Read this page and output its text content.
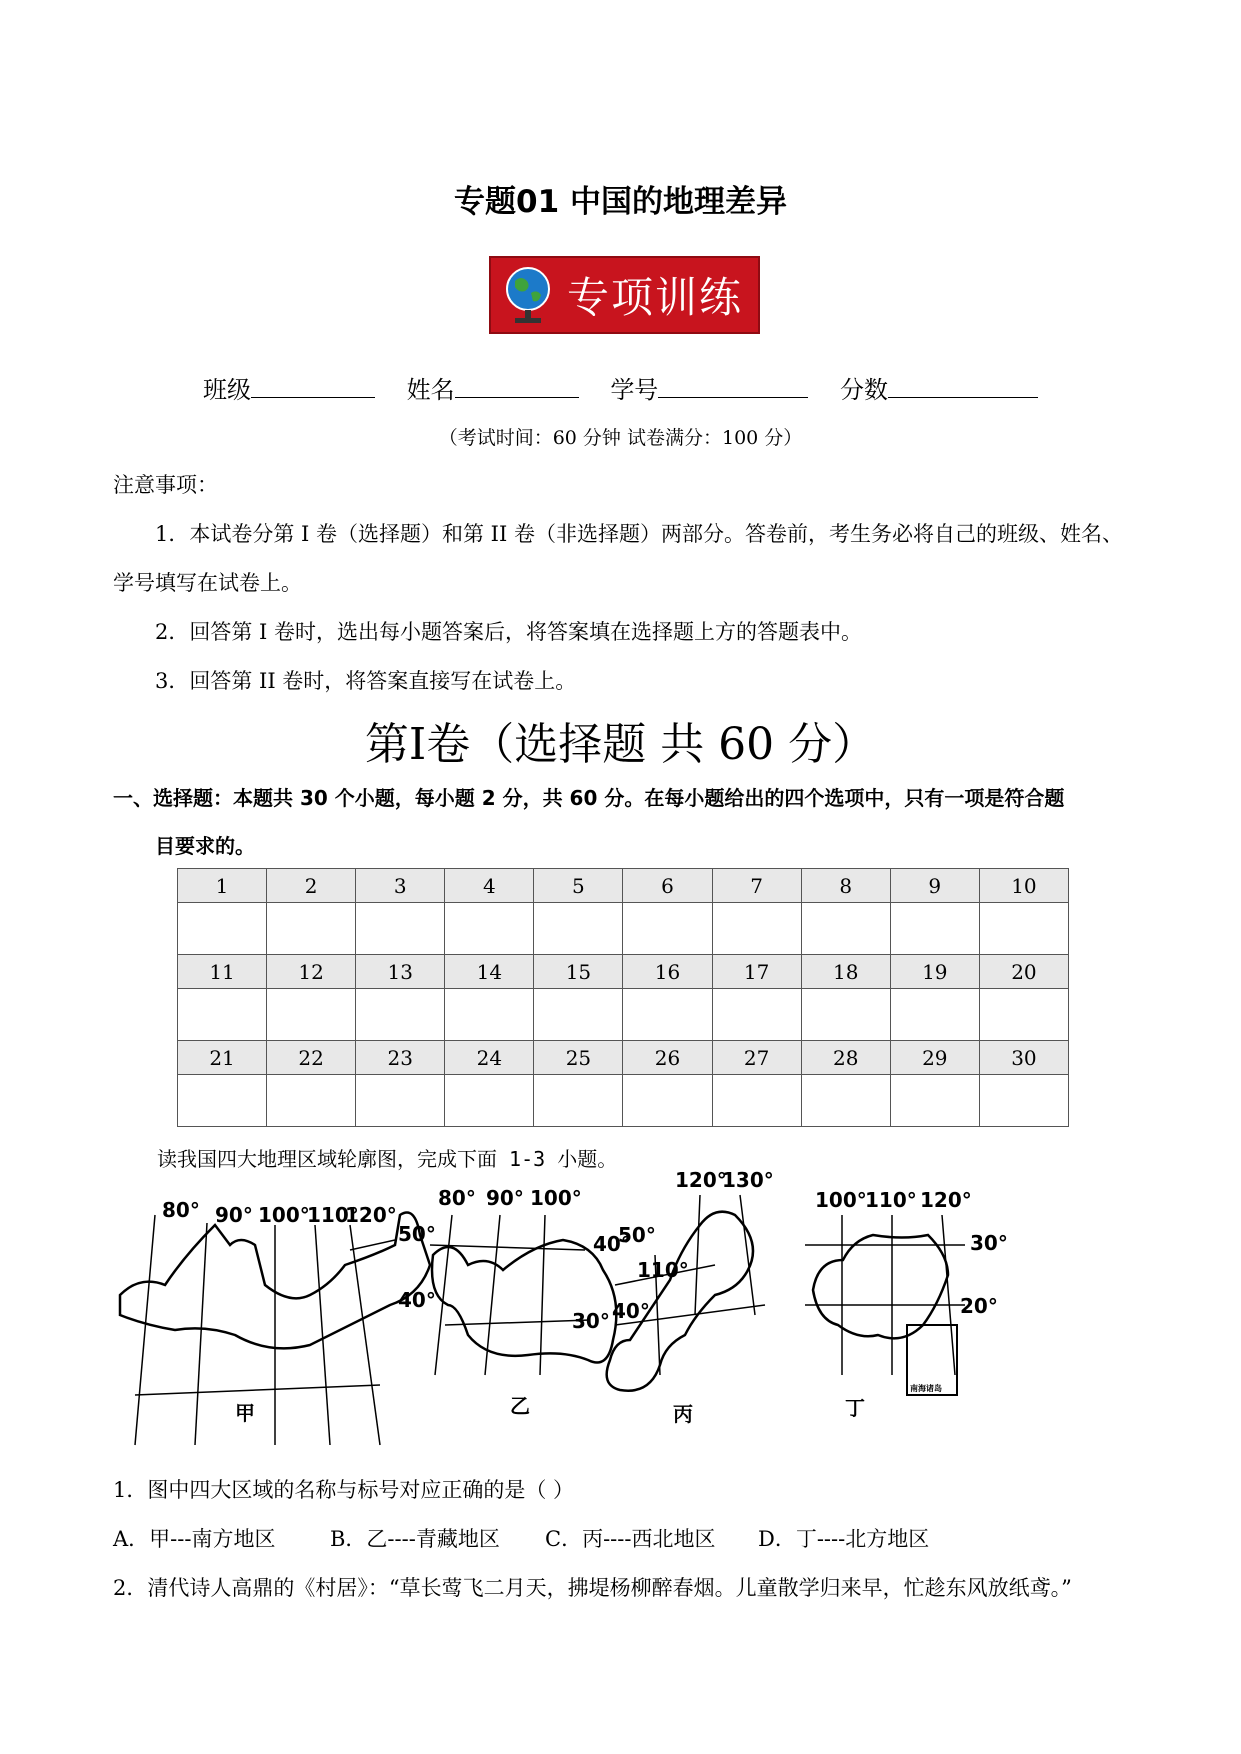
专题01 中国的地理差异
专项训练
班级	姓名	学号	分数
（考试时间：60 分钟 试卷满分：100 分）
注意事项：
1．本试卷分第 I 卷（选择题）和第 II 卷（非选择题）两部分。答卷前，考生务必将自己的班级、姓名、
学号填写在试卷上。
2．回答第 I 卷时，选出每小题答案后，将答案填在选择题上方的答题表中。
3．回答第 II 卷时，将答案直接写在试卷上。
第I卷（选择题 共 60 分）
一、选择题：本题共 30 个小题，每小题 2 分，共 60 分。在每小题给出的四个选项中，只有一项是符合题
目要求的。
1	2	3	4	5	6	7	8	9	10

11	12	13	14	15	16	17	18	19	20

21	22	23	24	25	26	27	28	29	30

读我国四大地理区域轮廓图，完成下面 1-3 小题。
80° 90° 100°
110°
120°
50°
40°
甲
80° 90° 100°
40°
30°
乙
120°
130°
50°
110°
40°
丙
100°
110° 120°
30°
20°
南海诸岛
丁
1．图中四大区域的名称与标号对应正确的是（ ）
A．甲---南方地区	B．乙----青藏地区 C．丙----西北地区 D．丁----北方地区
2．清代诗人高鼎的《村居》：“草长莺飞二月天，拂堤杨柳醉春烟。儿童散学归来早，忙趁东风放纸鸢。”
